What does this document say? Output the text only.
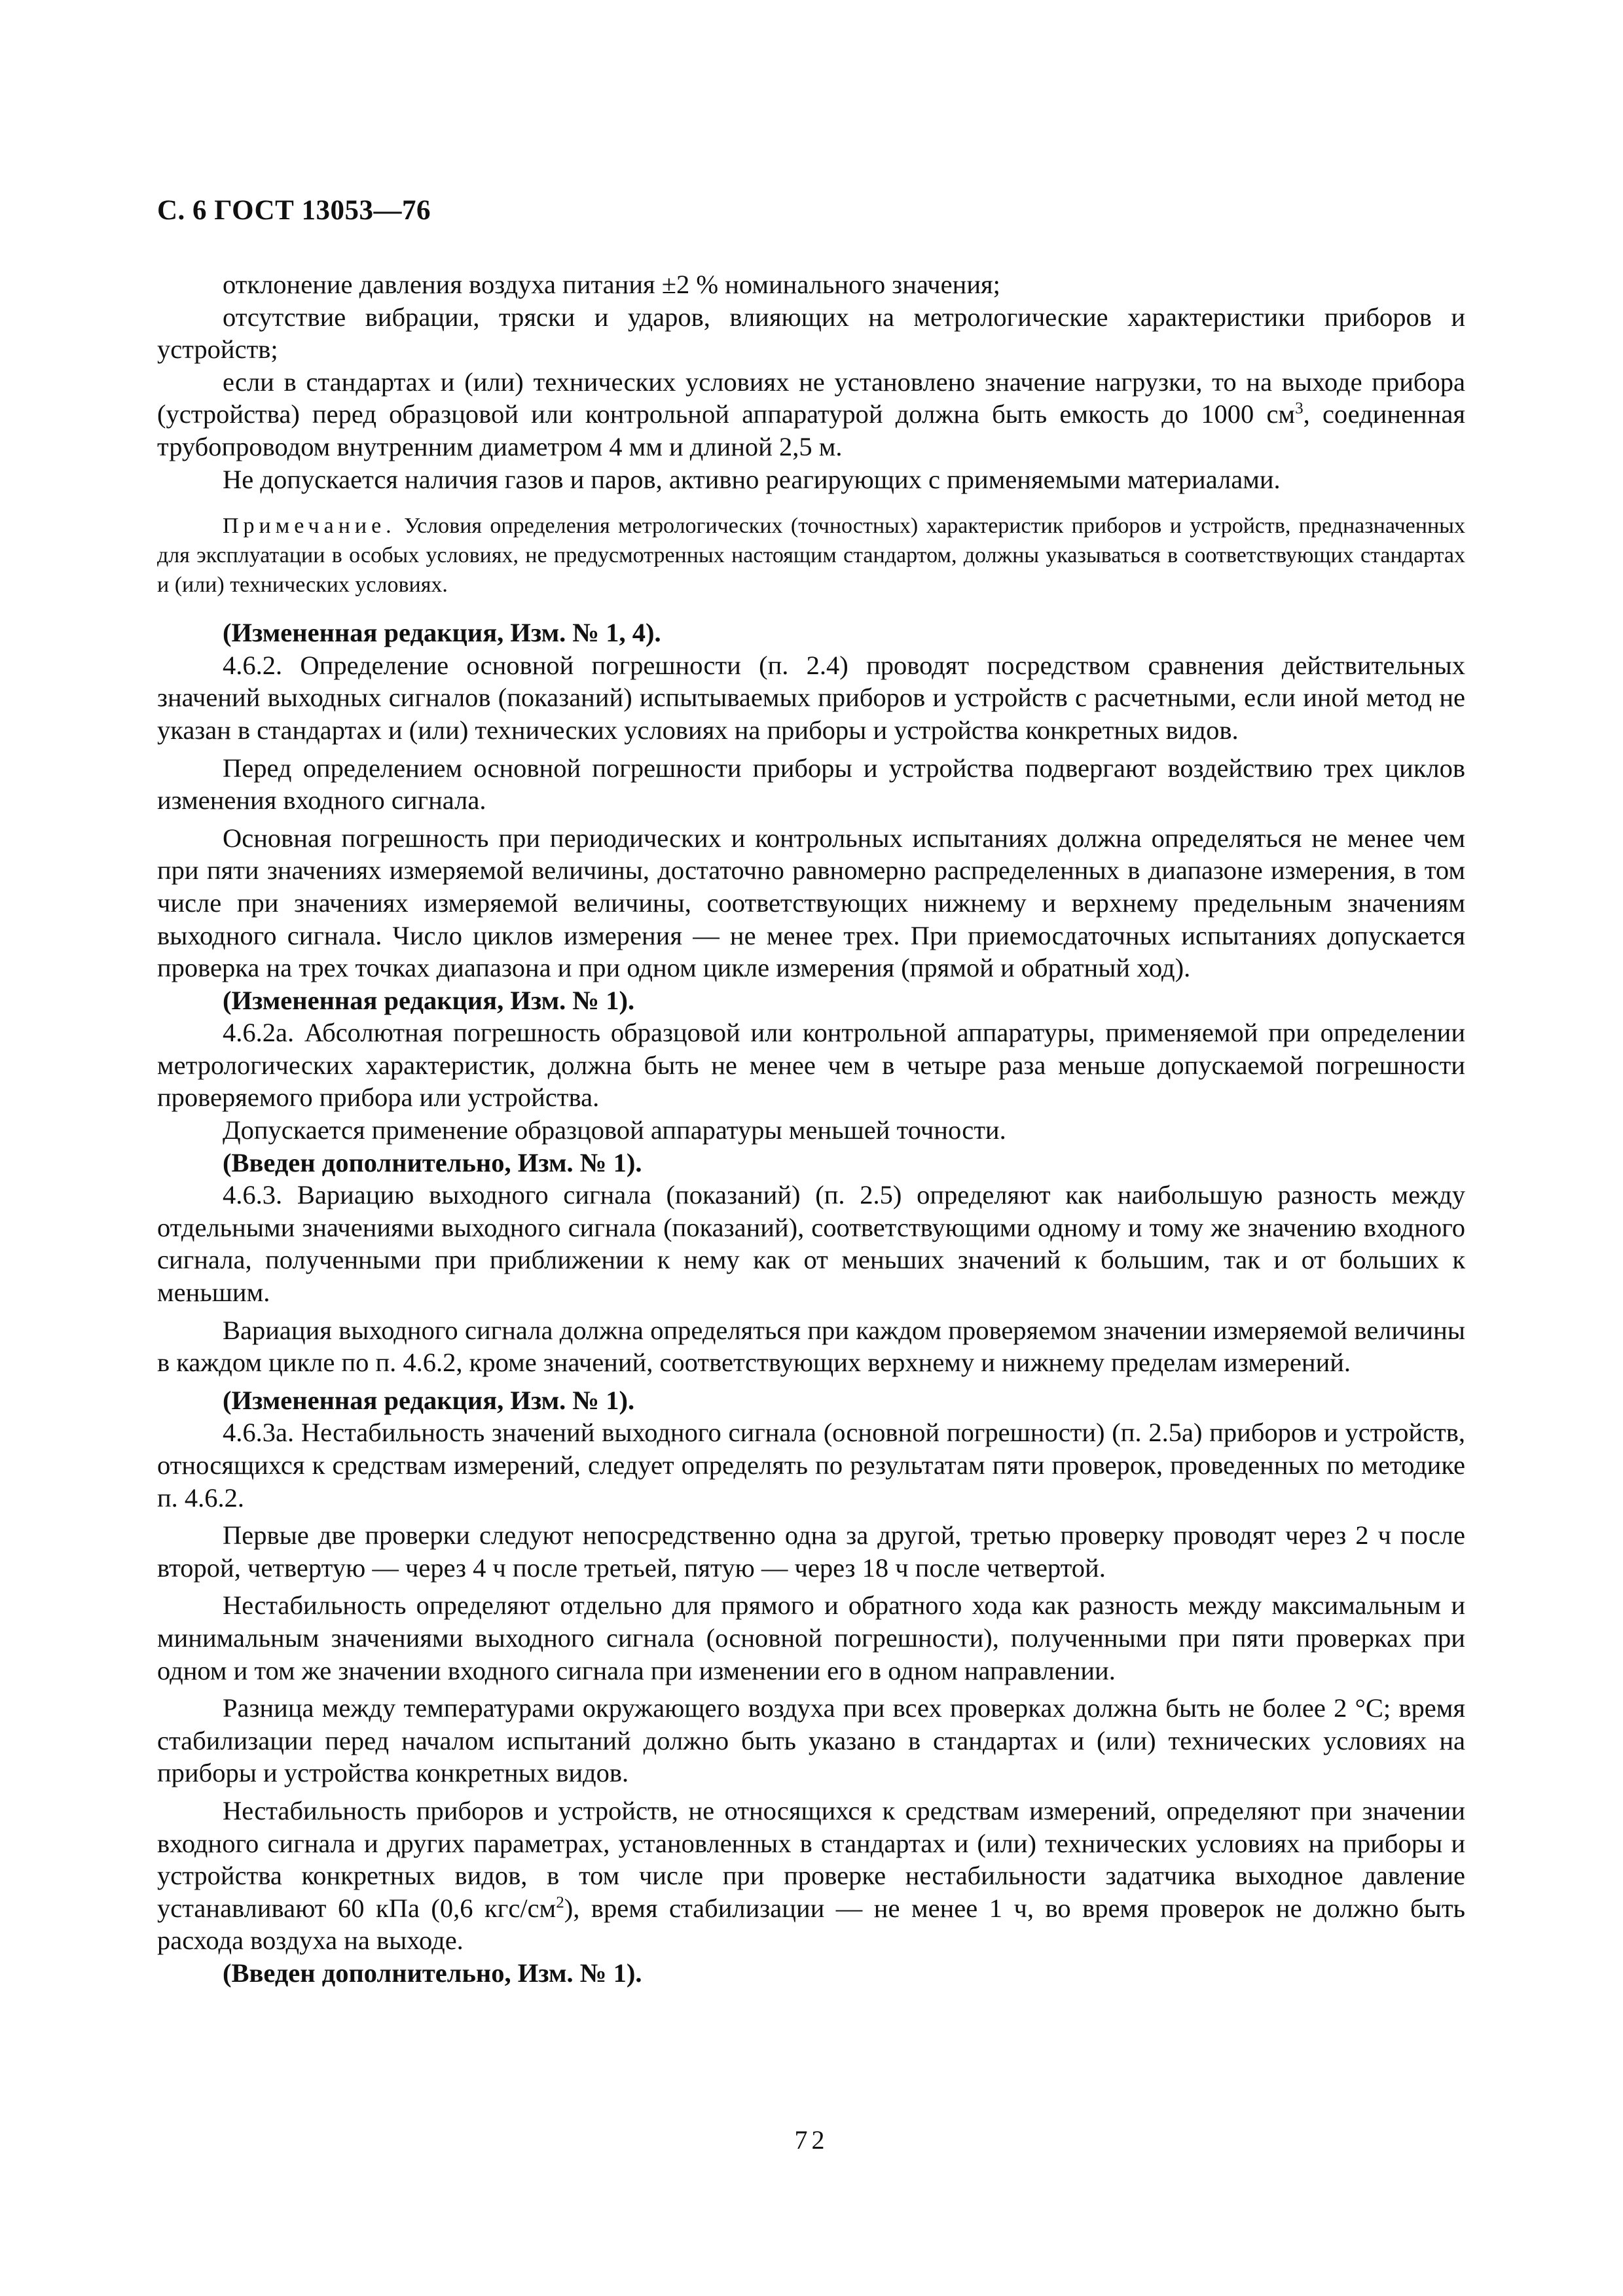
С. 6 ГОСТ 13053—76

отклонение давления воздуха питания ±2 % номинального значения;

отсутствие вибрации, тряски и ударов, влияющих на метрологические характеристики приборов и устройств;

если в стандартах и (или) технических условиях не установлено значение нагрузки, то на выходе прибора (устройства) перед образцовой или контрольной аппаратурой должна быть емкость до 1000 $см^3$, соединенная трубопроводом внутренним диаметром 4 мм и длиной 2,5 м.

Не допускается наличия газов и паров, активно реагирующих с применяемыми материалами.

Примечание. Условия определения метрологических (точностных) характеристик приборов и устройств, предназначенных для эксплуатации в особых условиях, не предусмотренных настоящим стандартом, должны указываться в соответствующих стандартах и (или) технических условиях.

(Измененная редакция, Изм. № 1, 4).

4.6.2. Определение основной погрешности (п. 2.4) проводят посредством сравнения действительных значений выходных сигналов (показаний) испытываемых приборов и устройств с расчетными, если иной метод не указан в стандартах и (или) технических условиях на приборы и устройства конкретных видов.

Перед определением основной погрешности приборы и устройства подвергают воздействию трех циклов изменения входного сигнала.

Основная погрешность при периодических и контрольных испытаниях должна определяться не менее чем при пяти значениях измеряемой величины, достаточно равномерно распределенных в диапазоне измерения, в том числе при значениях измеряемой величины, соответствующих нижнему и верхнему предельным значениям выходного сигнала. Число циклов измерения — не менее трех. При приемосдаточных испытаниях допускается проверка на трех точках диапазона и при одном цикле измерения (прямой и обратный ход).

(Измененная редакция, Изм. № 1).

4.6.2а. Абсолютная погрешность образцовой или контрольной аппаратуры, применяемой при определении метрологических характеристик, должна быть не менее чем в четыре раза меньше допускаемой погрешности проверяемого прибора или устройства.

Допускается применение образцовой аппаратуры меньшей точности.

(Введен дополнительно, Изм. № 1).

4.6.3. Вариацию выходного сигнала (показаний) (п. 2.5) определяют как наибольшую разность между отдельными значениями выходного сигнала (показаний), соответствующими одному и тому же значению входного сигнала, полученными при приближении к нему как от меньших значений к большим, так и от больших к меньшим.

Вариация выходного сигнала должна определяться при каждом проверяемом значении измеряемой величины в каждом цикле по п. 4.6.2, кроме значений, соответствующих верхнему и нижнему пределам измерений.

(Измененная редакция, Изм. № 1).

4.6.3а. Нестабильность значений выходного сигнала (основной погрешности) (п. 2.5а) приборов и устройств, относящихся к средствам измерений, следует определять по результатам пяти проверок, проведенных по методике п. 4.6.2.

Первые две проверки следуют непосредственно одна за другой, третью проверку проводят через 2 ч после второй, четвертую — через 4 ч после третьей, пятую — через 18 ч после четвертой.

Нестабильность определяют отдельно для прямого и обратного хода как разность между максимальным и минимальным значениями выходного сигнала (основной погрешности), полученными при пяти проверках при одном и том же значении входного сигнала при изменении его в одном направлении.

Разница между температурами окружающего воздуха при всех проверках должна быть не более 2 °С; время стабилизации перед началом испытаний должно быть указано в стандартах и (или) технических условиях на приборы и устройства конкретных видов.

Нестабильность приборов и устройств, не относящихся к средствам измерений, определяют при значении входного сигнала и других параметрах, установленных в стандартах и (или) технических условиях на приборы и устройства конкретных видов, в том числе при проверке нестабильности задатчика выходное давление устанавливают 60 кПа (0,6 кгс/$см^2$), время стабилизации — не менее 1 ч, во время проверок не должно быть расхода воздуха на выходе.

(Введен дополнительно, Изм. № 1).

72
